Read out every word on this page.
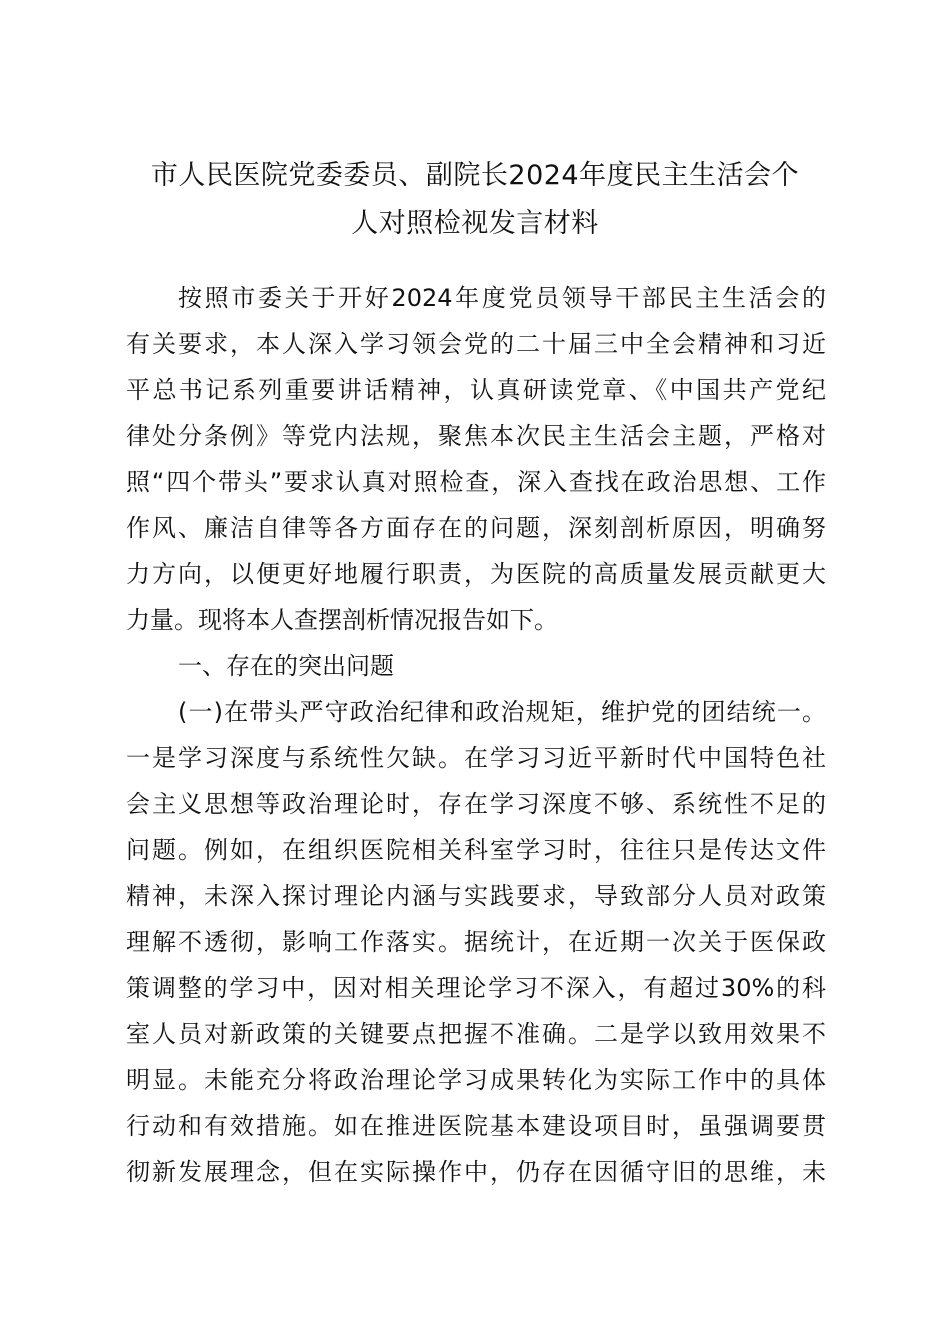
市人民医院党委委员、副院长2024年度民主生活会个
人对照检视发言材料
按照市委关于开好2024年度党员领导干部民主生活会的
有关要求，本人深入学习领会党的二十届三中全会精神和习近
平总书记系列重要讲话精神，认真研读党章、《中国共产党纪
律处分条例》等党内法规，聚焦本次民主生活会主题，严格对
照“四个带头”要求认真对照检查，深入查找在政治思想、工作
作风、廉洁自律等各方面存在的问题，深刻剖析原因，明确努
力方向，以便更好地履行职责，为医院的高质量发展贡献更大
力量。现将本人查摆剖析情况报告如下。
一、存在的突出问题
(一)在带头严守政治纪律和政治规矩，维护党的团结统一。
一是学习深度与系统性欠缺。在学习习近平新时代中国特色社
会主义思想等政治理论时，存在学习深度不够、系统性不足的
问题。例如，在组织医院相关科室学习时，往往只是传达文件
精神，未深入探讨理论内涵与实践要求，导致部分人员对政策
理解不透彻，影响工作落实。据统计，在近期一次关于医保政
策调整的学习中，因对相关理论学习不深入，有超过30%的科
室人员对新政策的关键要点把握不准确。二是学以致用效果不
明显。未能充分将政治理论学习成果转化为实际工作中的具体
行动和有效措施。如在推进医院基本建设项目时，虽强调要贯
彻新发展理念，但在实际操作中，仍存在因循守旧的思维，未
